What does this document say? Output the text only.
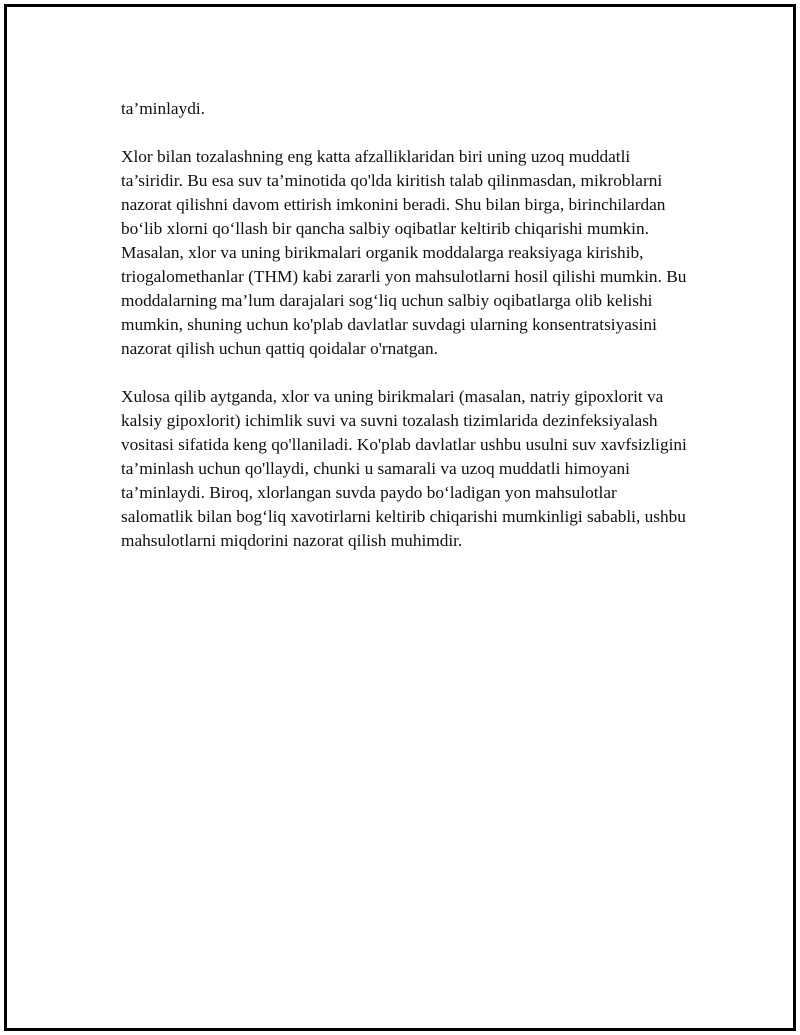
ta’minlaydi.

Xlor bilan tozalashning eng katta afzalliklaridan biri uning uzoq muddatli ta’siridir. Bu esa suv ta’minotida qo'lda kiritish talab qilinmasdan, mikroblarni nazorat qilishni davom ettirish imkonini beradi. Shu bilan birga, birinchilardan bo‘lib xlorni qo‘llash bir qancha salbiy oqibatlar keltirib chiqarishi mumkin. Masalan, xlor va uning birikmalari organik moddalarga reaksiyaga kirishib, triogalomethanlar (THM) kabi zararli yon mahsulotlarni hosil qilishi mumkin. Bu moddalarning ma’lum darajalari sog‘liq uchun salbiy oqibatlarga olib kelishi mumkin, shuning uchun ko'plab davlatlar suvdagi ularning konsentratsiyasini nazorat qilish uchun qattiq qoidalar o'rnatgan.

Xulosa qilib aytganda, xlor va uning birikmalari (masalan, natriy gipoxlorit va kalsiy gipoxlorit) ichimlik suvi va suvni tozalash tizimlarida dezinfeksiyalash vositasi sifatida keng qo'llaniladi. Ko'plab davlatlar ushbu usulni suv xavfsizligini ta’minlash uchun qo'llaydi, chunki u samarali va uzoq muddatli himoyani ta’minlaydi. Biroq, xlorlangan suvda paydo bo‘ladigan yon mahsulotlar salomatlik bilan bog‘liq xavotirlarni keltirib chiqarishi mumkinligi sababli, ushbu mahsulotlarni miqdorini nazorat qilish muhimdir.
